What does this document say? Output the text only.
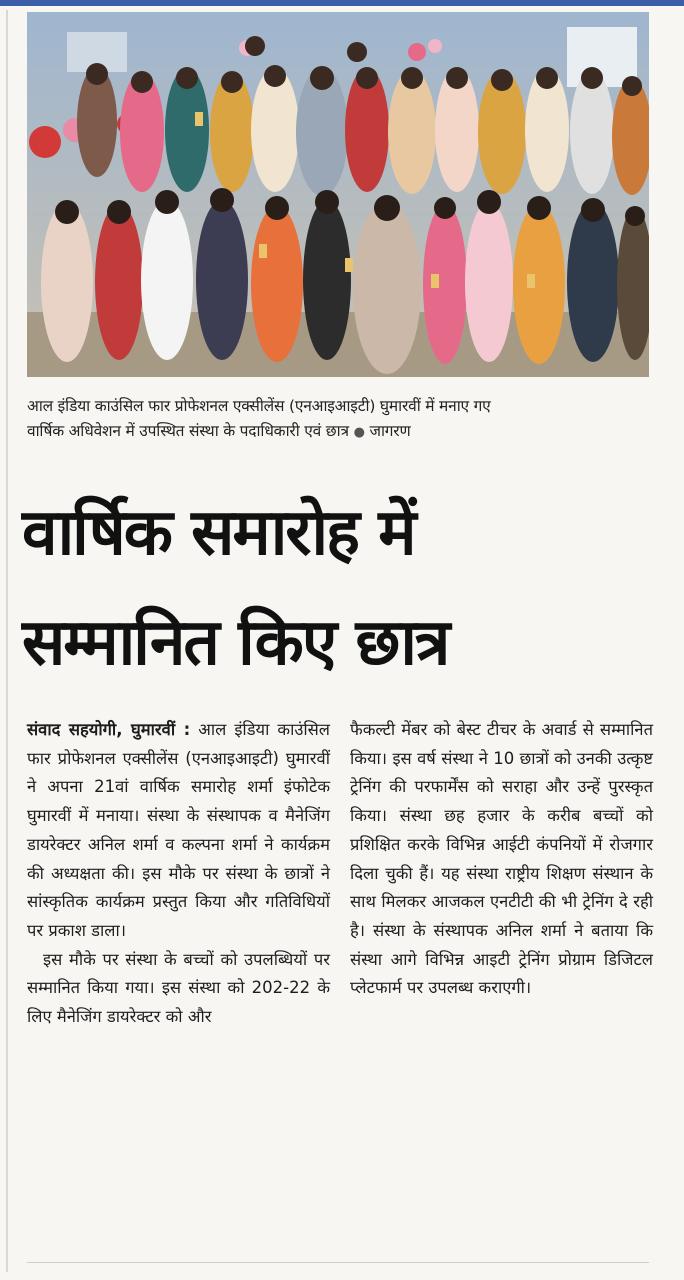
आल इंडिया काउंसिल फार प्रोफेशनल एक्सीलेंस (एनआइआइटी) घुमारवीं में मनाए गए
वार्षिक अधिवेशन में उपस्थित संस्था के पदाधिकारी एवं छात्र ● जागरण
वार्षिक समारोह में
सम्मानित किए छात्र

संवाद सहयोगी, घुमारवीं : आल इंडिया काउंसिल फार प्रोफेशनल एक्सीलेंस (एनआइआइटी) घुमारवीं ने अपना 21वां वार्षिक समारोह शर्मा इंफोटेक घुमारवीं में मनाया। संस्था के संस्थापक व मैनेजिंग डायरेक्टर अनिल शर्मा व कल्पना शर्मा ने कार्यक्रम की अध्यक्षता की। इस मौके पर संस्था के छात्रों ने सांस्कृतिक कार्यक्रम प्रस्तुत किया और गतिविधियों पर प्रकाश डाला।

इस मौके पर संस्था के बच्चों को उपलब्धियों पर सम्मानित किया गया। इस संस्था को 202-22 के लिए मैनेजिंग डायरेक्टर को और

फैकल्टी मेंबर को बेस्ट टीचर के अवार्ड से सम्मानित किया। इस वर्ष संस्था ने 10 छात्रों को उनकी उत्कृष्ट ट्रेनिंग की परफार्मेंस को सराहा और उन्हें पुरस्कृत किया। संस्था छह हजार के करीब बच्चों को प्रशिक्षित करके विभिन्न आईटी कंपनियों में रोजगार दिला चुकी हैं। यह संस्था राष्ट्रीय शिक्षण संस्थान के साथ मिलकर आजकल एनटीटी की भी ट्रेनिंग दे रही है। संस्था के संस्थापक अनिल शर्मा ने बताया कि संस्था आगे विभिन्न आइटी ट्रेनिंग प्रोग्राम डिजिटल प्लेटफार्म पर उपलब्ध कराएगी।
